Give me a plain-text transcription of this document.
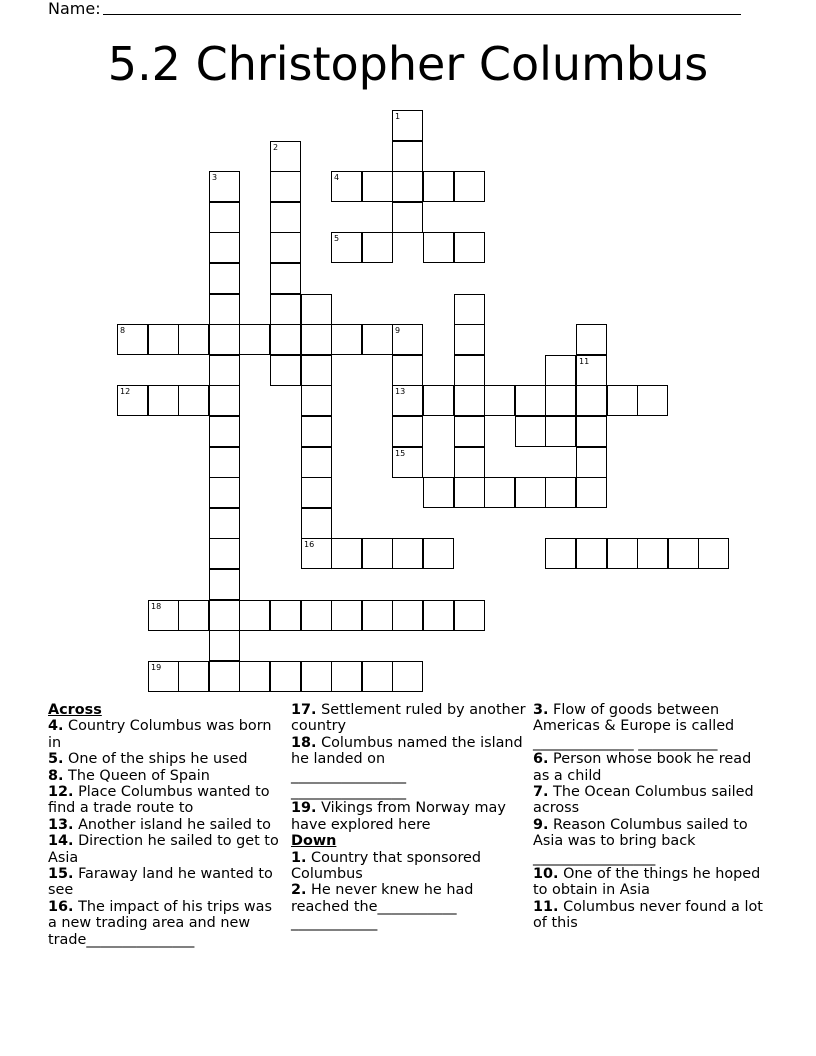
Name:
5.2 Christopher Columbus
1
2
3	4
5
8	9
13
15
11
12
16
18
19
Across
4. Country Columbus was born in
5. One of the ships he used
8. The Queen of Spain
12. Place Columbus wanted to find a trade route to
13. Another island he sailed to
14. Direction he sailed to get to Asia
15. Faraway land he wanted to see
16. The impact of his trips was a new trading area and new trade_______________
17. Settlement ruled by another country
18. Columbus named the island he landed on
________________
________________
19. Vikings from Norway may have explored here
Down
1. Country that sponsored Columbus
2. He never knew he had reached the___________
____________
3. Flow of goods between Americas & Europe is called
______________ ___________
6. Person whose book he read as a child
7. The Ocean Columbus sailed across
9. Reason Columbus sailed to Asia was to bring back
_________________
10. One of the things he hoped to obtain in Asia
11. Columbus never found a lot of this
